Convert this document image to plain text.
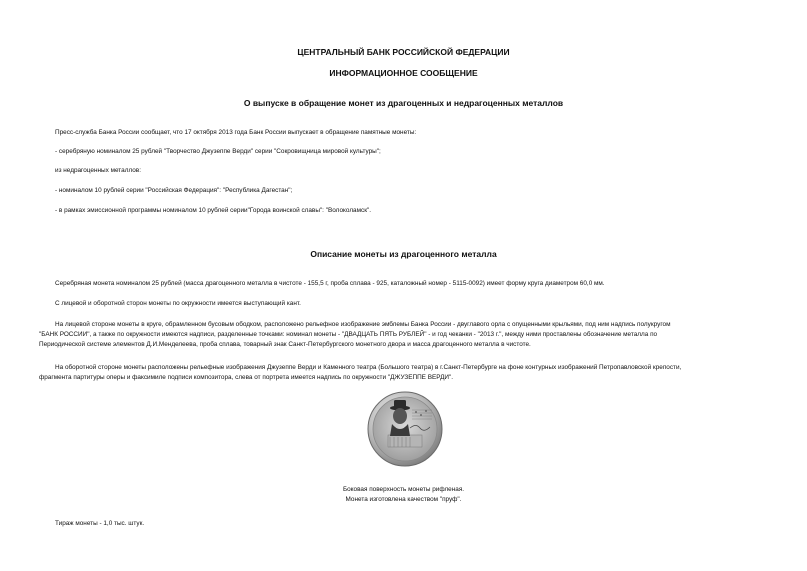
ЦЕНТРАЛЬНЫЙ БАНК РОССИЙСКОЙ ФЕДЕРАЦИИ
ИНФОРМАЦИОННОЕ СООБЩЕНИЕ
О выпуске в обращение монет из драгоценных и недрагоценных металлов
Пресс-служба Банка России сообщает, что 17 октября 2013 года Банк России выпускает в обращение памятные монеты:
- серебряную номиналом 25 рублей "Творчество Джузеппе Верди" серии "Сокровищница мировой культуры";
из недрагоценных металлов:
- номиналом 10 рублей серии "Российская Федерация": "Республика Дагестан";
- в рамках эмиссионной программы номиналом 10 рублей серии"Города воинской славы": "Волоколамск".
Описание монеты из драгоценного металла
Серебряная монета номиналом 25 рублей (масса драгоценного металла в чистоте - 155,5 г, проба сплава - 925, каталожный номер - 5115-0092) имеет форму круга диаметром 60,0 мм.
С лицевой и оборотной сторон монеты по окружности имеется выступающий кант.
На лицевой стороне монеты в круге, обрамленном бусовым ободком, расположено рельефное изображение эмблемы Банка России - двуглавого орла с опущенными крыльями, под ним надпись полукругом
"БАНК РОССИИ", а также по окружности имеются надписи, разделенные точками: номинал монеты - "ДВАДЦАТЬ ПЯТЬ РУБЛЕЙ" - и год чеканки - "2013 г.", между ними проставлены обозначение металла по
Периодической системе элементов Д.И.Менделеева, проба сплава, товарный знак Санкт-Петербургского монетного двора и масса драгоценного металла в чистоте.
На оборотной стороне монеты расположены рельефные изображения Джузеппе Верди и Каменного театра (Большого театра) в г.Санкт-Петербурге на фоне контурных изображений Петропавловской крепости,
фрагмента партитуры оперы и факсимиле подписи композитора, слева от портрета имеется надпись по окружности "ДЖУЗЕППЕ ВЕРДИ".
Боковая поверхность монеты рифленая.
Монета изготовлена качеством "пруф".
Тираж монеты - 1,0 тыс. штук.
